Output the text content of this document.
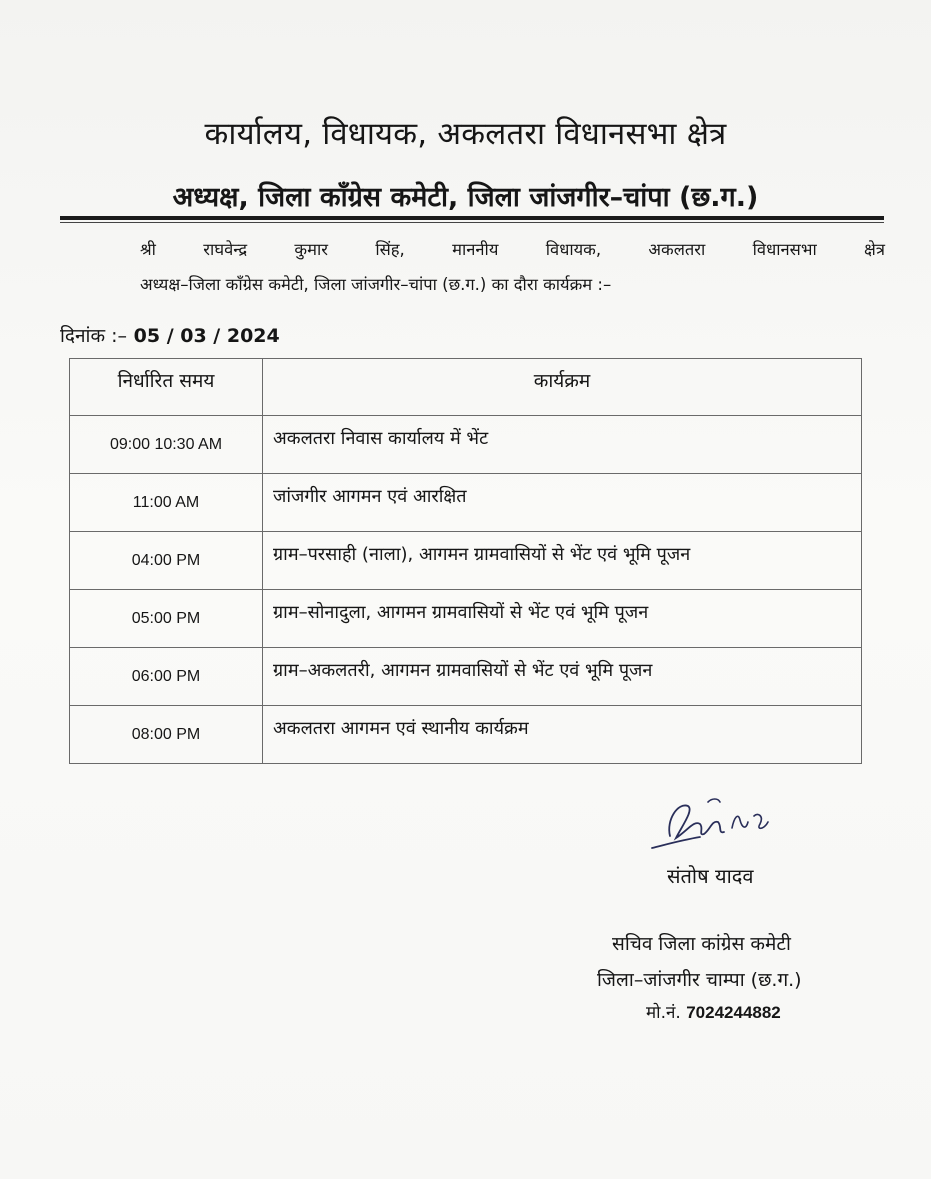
कार्यालय, विधायक, अकलतरा विधानसभा क्षेत्र
अध्यक्ष, जिला काँग्रेस कमेटी, जिला जांजगीर–चांपा (छ.ग.)
श्री राघवेन्द्र कुमार सिंह, माननीय विधायक, अकलतरा विधानसभा क्षेत्र
अध्यक्ष–जिला काँग्रेस कमेटी, जिला जांजगीर–चांपा (छ.ग.) का दौरा कार्यक्रम :–
दिनांक :– 05 / 03 / 2024
निर्धारित समय	कार्यक्रम
09:00 10:30 AM	अकलतरा निवास कार्यालय में भेंट
11:00 AM	जांजगीर आगमन एवं आरक्षित
04:00 PM	ग्राम–परसाही (नाला), आगमन ग्रामवासियों से भेंट एवं भूमि पूजन
05:00 PM	ग्राम–सोनादुला, आगमन ग्रामवासियों से भेंट एवं भूमि पूजन
06:00 PM	ग्राम–अकलतरी, आगमन ग्रामवासियों से भेंट एवं भूमि पूजन
08:00 PM	अकलतरा आगमन एवं स्थानीय कार्यक्रम
संतोष यादव
सचिव जिला कांग्रेस कमेटी
जिला–जांजगीर चाम्पा (छ.ग.)
मो.नं. 7024244882
